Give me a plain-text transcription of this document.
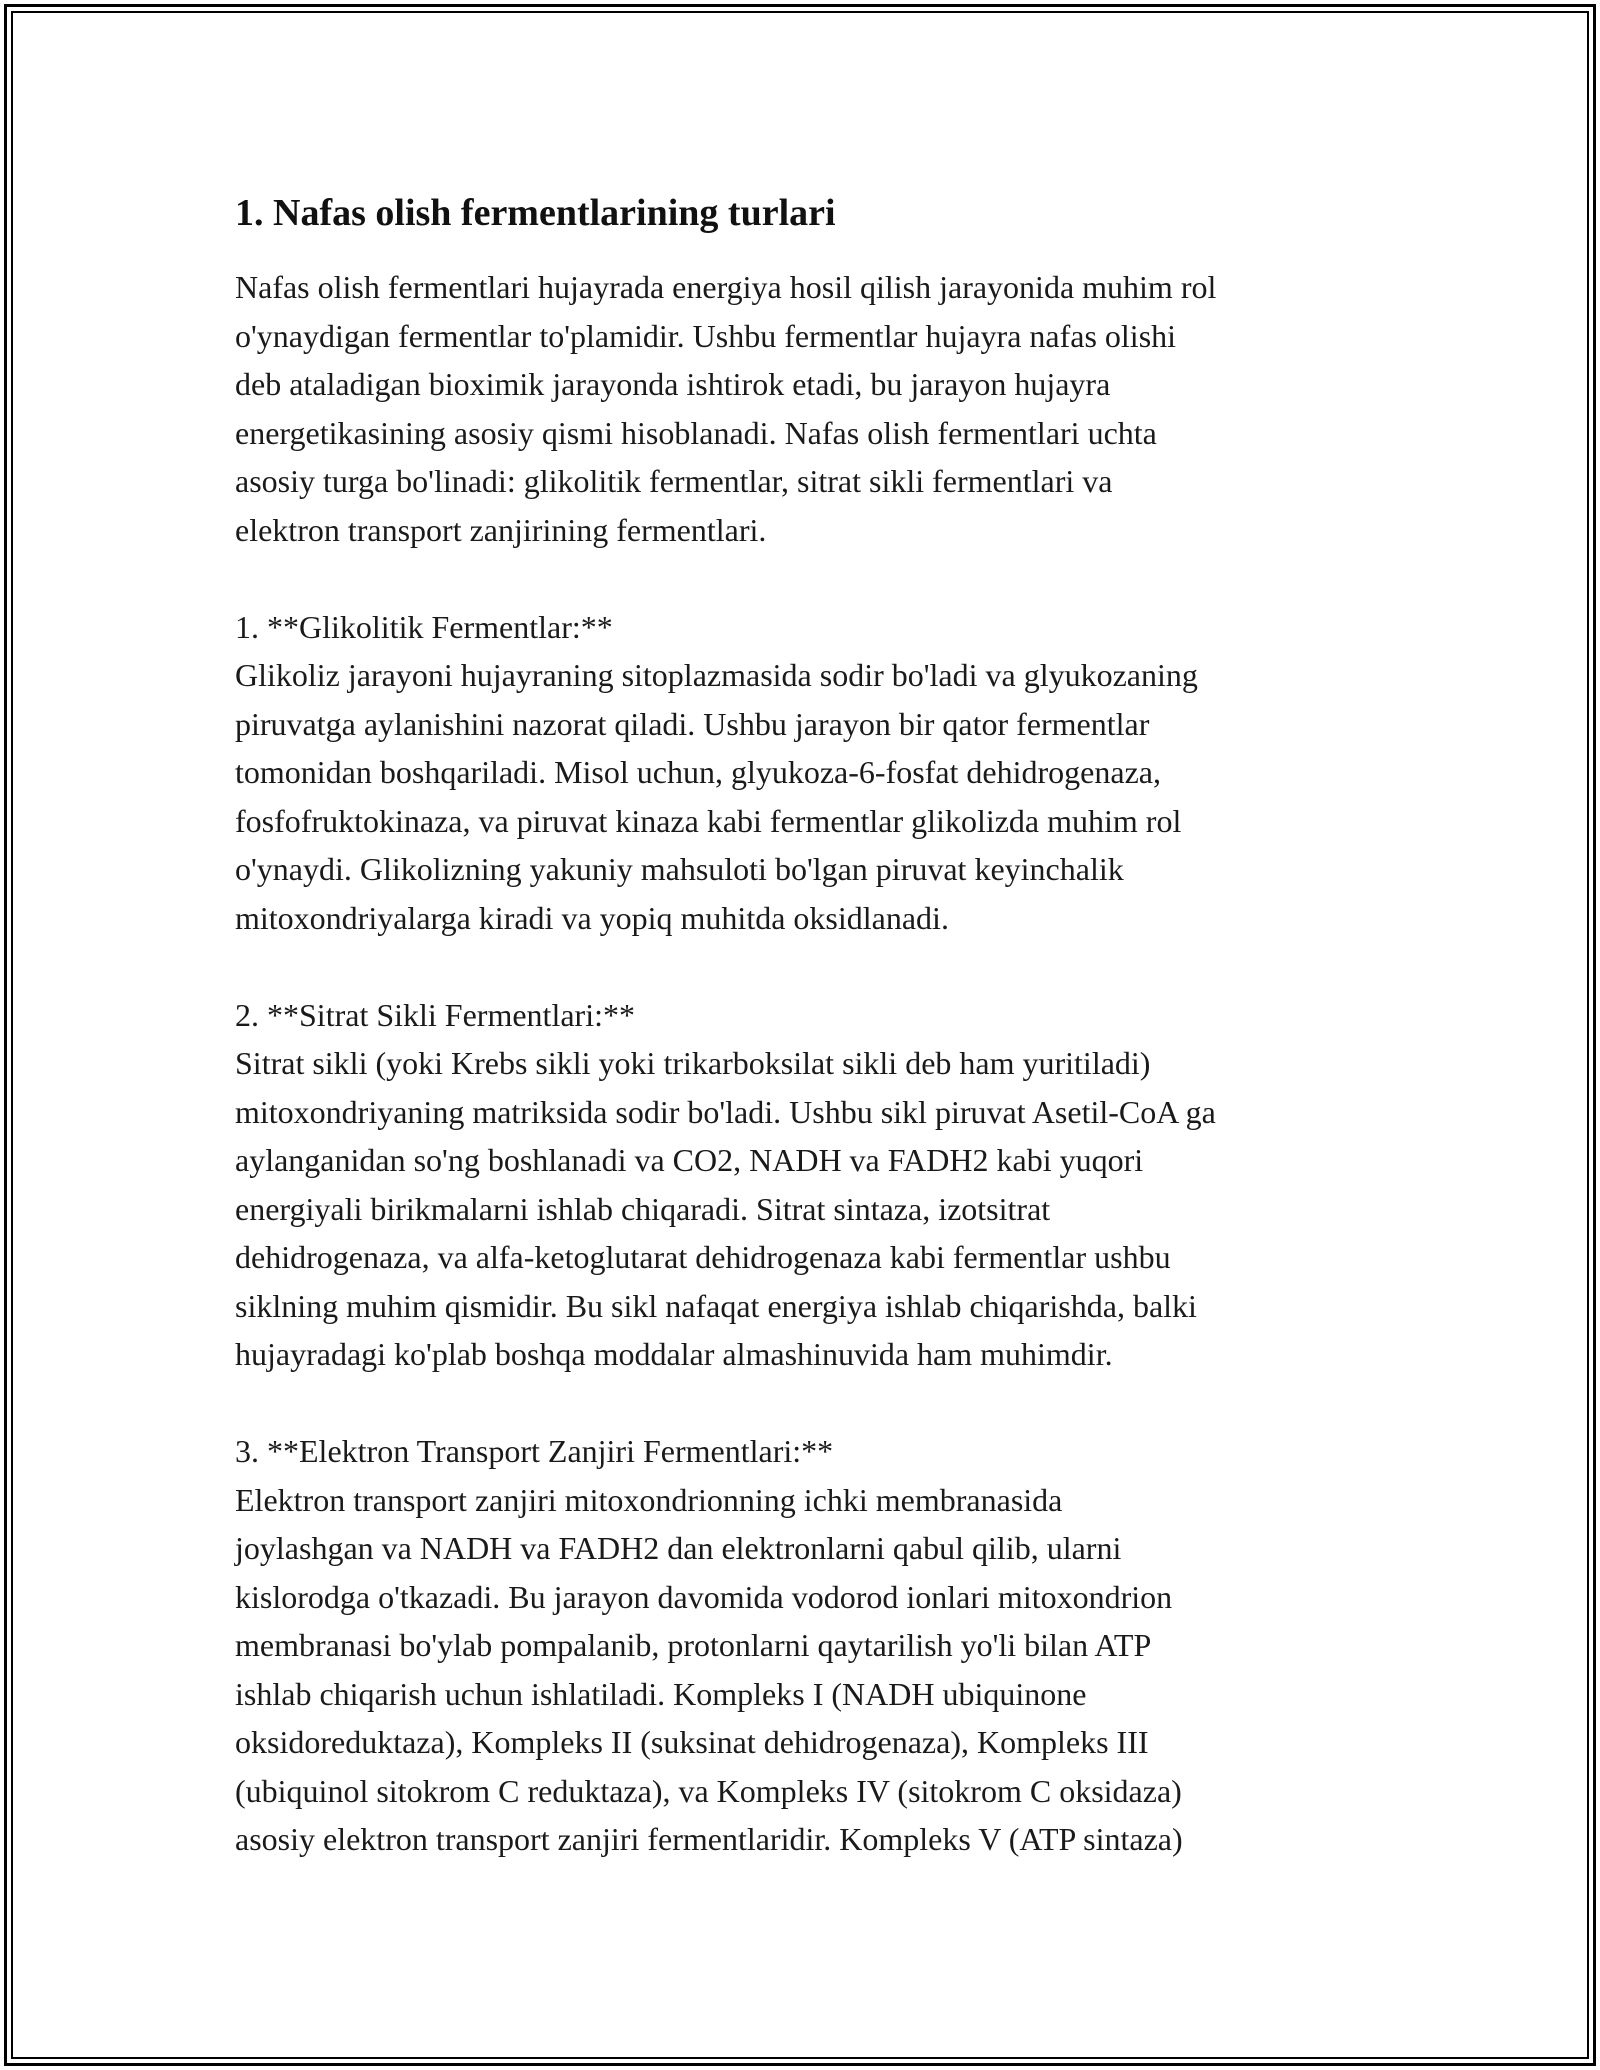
1. Nafas olish fermentlarining turlari

Nafas olish fermentlari hujayrada energiya hosil qilish jarayonida muhim rol
o'ynaydigan fermentlar to'plamidir. Ushbu fermentlar hujayra nafas olishi
deb ataladigan bioximik jarayonda ishtirok etadi, bu jarayon hujayra
energetikasining asosiy qismi hisoblanadi. Nafas olish fermentlari uchta
asosiy turga bo'linadi: glikolitik fermentlar, sitrat sikli fermentlari va
elektron transport zanjirining fermentlari.

1. **Glikolitik Fermentlar:**

Glikoliz jarayoni hujayraning sitoplazmasida sodir bo'ladi va glyukozaning
piruvatga aylanishini nazorat qiladi. Ushbu jarayon bir qator fermentlar
tomonidan boshqariladi. Misol uchun, glyukoza-6-fosfat dehidrogenaza,
fosfofruktokinaza, va piruvat kinaza kabi fermentlar glikolizda muhim rol
o'ynaydi. Glikolizning yakuniy mahsuloti bo'lgan piruvat keyinchalik
mitoxondriyalarga kiradi va yopiq muhitda oksidlanadi.

2. **Sitrat Sikli Fermentlari:**

Sitrat sikli (yoki Krebs sikli yoki trikarboksilat sikli deb ham yuritiladi)
mitoxondriyaning matriksida sodir bo'ladi. Ushbu sikl piruvat Asetil-CoA ga
aylanganidan so'ng boshlanadi va CO2, NADH va FADH2 kabi yuqori
energiyali birikmalarni ishlab chiqaradi. Sitrat sintaza, izotsitrat
dehidrogenaza, va alfa-ketoglutarat dehidrogenaza kabi fermentlar ushbu
siklning muhim qismidir. Bu sikl nafaqat energiya ishlab chiqarishda, balki
hujayradagi ko'plab boshqa moddalar almashinuvida ham muhimdir.

3. **Elektron Transport Zanjiri Fermentlari:**

Elektron transport zanjiri mitoxondrionning ichki membranasida
joylashgan va NADH va FADH2 dan elektronlarni qabul qilib, ularni
kislorodga o'tkazadi. Bu jarayon davomida vodorod ionlari mitoxondrion
membranasi bo'ylab pompalanib, protonlarni qaytarilish yo'li bilan ATP
ishlab chiqarish uchun ishlatiladi. Kompleks I (NADH ubiquinone
oksidoreduktaza), Kompleks II (suksinat dehidrogenaza), Kompleks III
(ubiquinol sitokrom C reduktaza), va Kompleks IV (sitokrom C oksidaza)
asosiy elektron transport zanjiri fermentlaridir. Kompleks V (ATP sintaza)
